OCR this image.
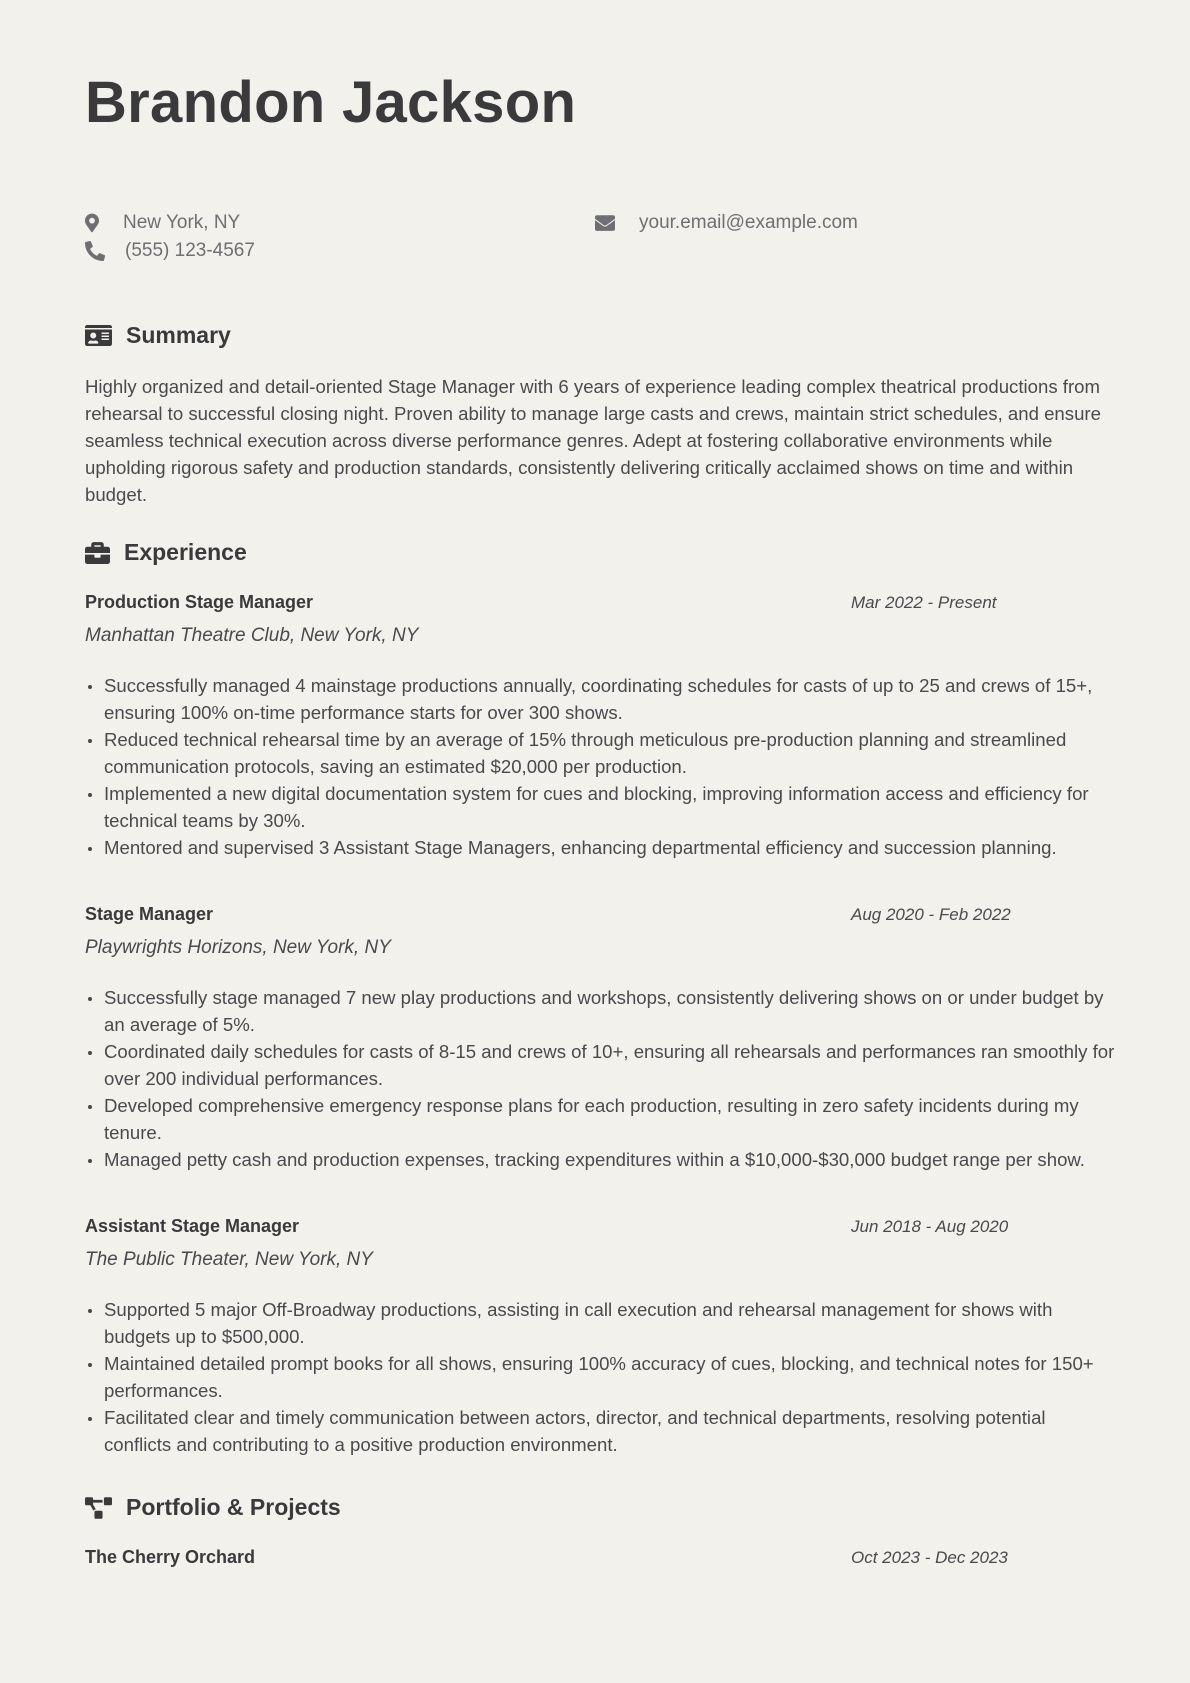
Brandon Jackson
New York, NY
(555) 123-4567
your.email@example.com
Summary

Highly organized and detail-oriented Stage Manager with 6 years of experience leading complex theatrical productions from rehearsal to successful closing night. Proven ability to manage large casts and crews, maintain strict schedules, and ensure seamless technical execution across diverse performance genres. Adept at fostering collaborative environments while upholding rigorous safety and production standards, consistently delivering critically acclaimed shows on time and within budget.

Experience
Production Stage Manager	Mar 2022 - Present
Manhattan Theatre Club, New York, NY
Successfully managed 4 mainstage productions annually, coordinating schedules for casts of up to 25 and crews of 15+, ensuring 100% on-time performance starts for over 300 shows.
Reduced technical rehearsal time by an average of 15% through meticulous pre-production planning and streamlined communication protocols, saving an estimated $20,000 per production.
Implemented a new digital documentation system for cues and blocking, improving information access and efficiency for technical teams by 30%.
Mentored and supervised 3 Assistant Stage Managers, enhancing departmental efficiency and succession planning.
Stage Manager	Aug 2020 - Feb 2022
Playwrights Horizons, New York, NY
Successfully stage managed 7 new play productions and workshops, consistently delivering shows on or under budget by an average of 5%.
Coordinated daily schedules for casts of 8-15 and crews of 10+, ensuring all rehearsals and performances ran smoothly for over 200 individual performances.
Developed comprehensive emergency response plans for each production, resulting in zero safety incidents during my tenure.
Managed petty cash and production expenses, tracking expenditures within a $10,000-$30,000 budget range per show.
Assistant Stage Manager	Jun 2018 - Aug 2020
The Public Theater, New York, NY
Supported 5 major Off-Broadway productions, assisting in call execution and rehearsal management for shows with budgets up to $500,000.
Maintained detailed prompt books for all shows, ensuring 100% accuracy of cues, blocking, and technical notes for 150+ performances.
Facilitated clear and timely communication between actors, director, and technical departments, resolving potential conflicts and contributing to a positive production environment.
Portfolio & Projects
The Cherry Orchard	Oct 2023 - Dec 2023
